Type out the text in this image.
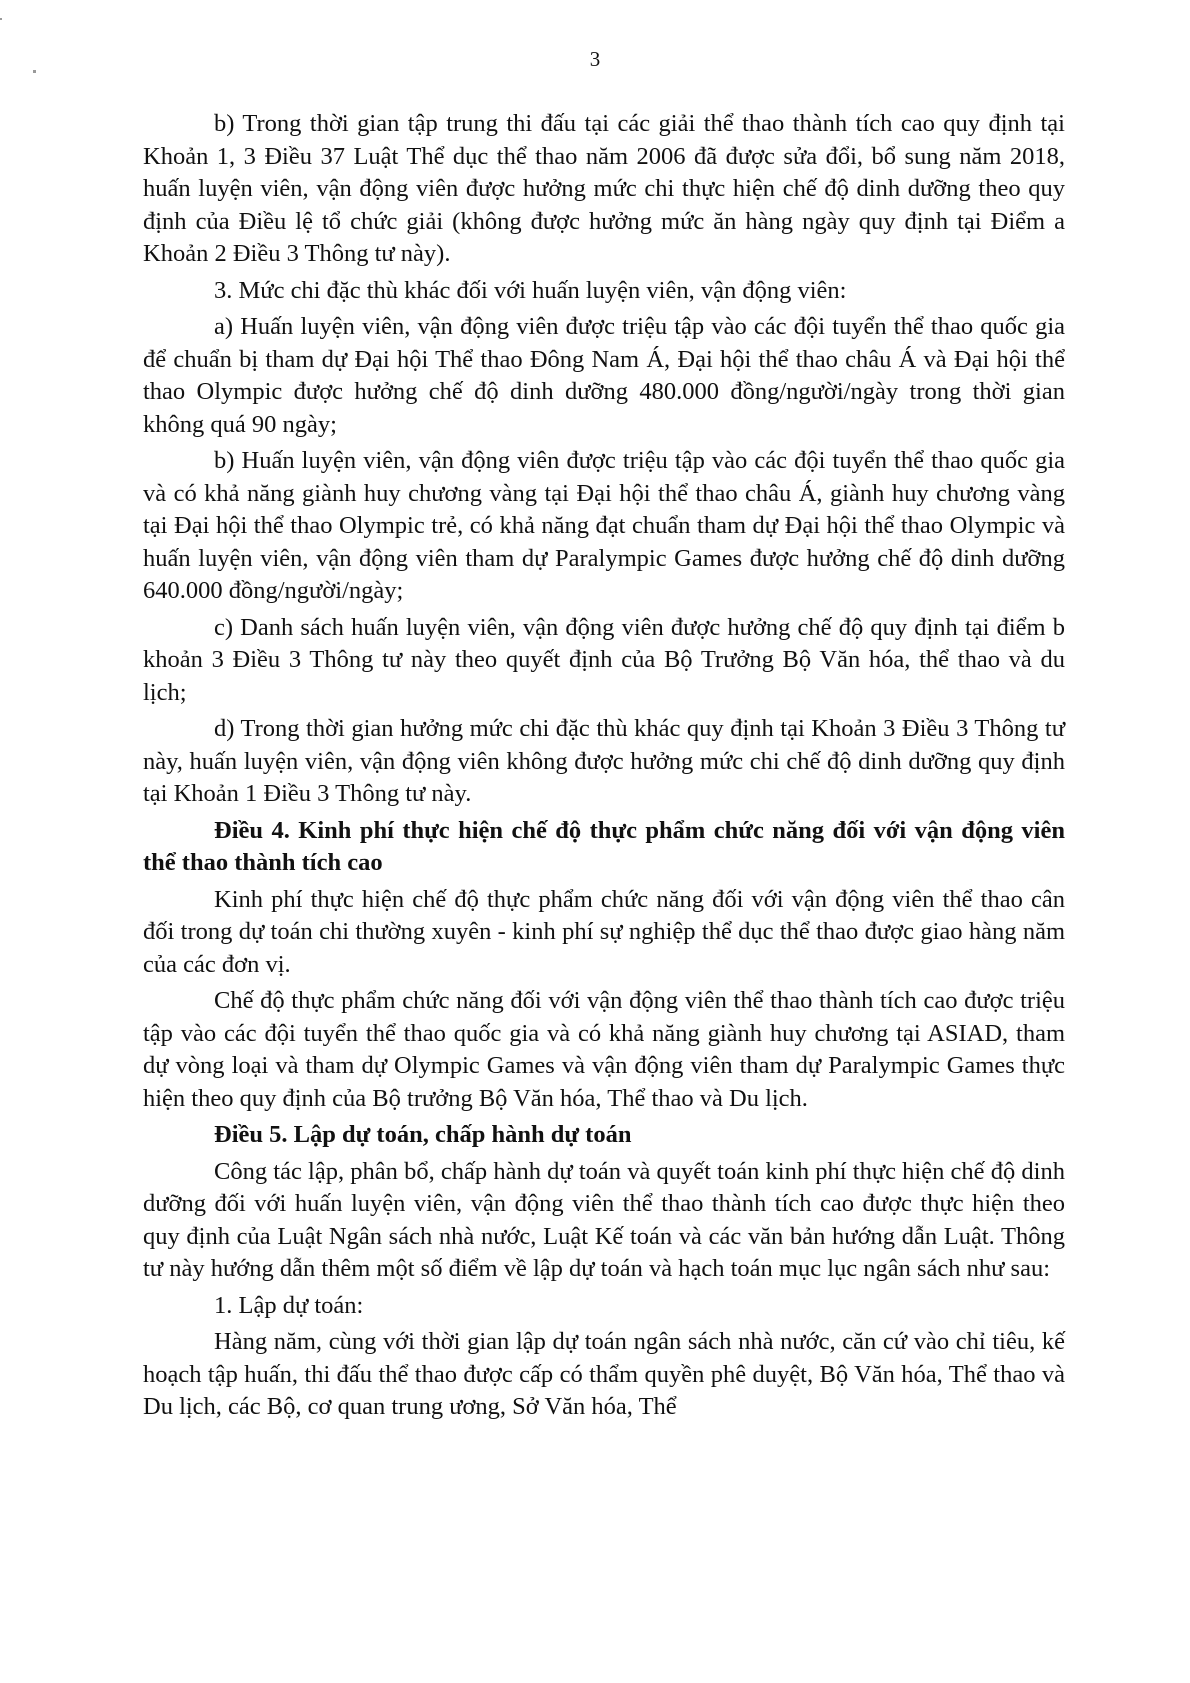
3

b) Trong thời gian tập trung thi đấu tại các giải thể thao thành tích cao quy định tại Khoản 1, 3 Điều 37 Luật Thể dục thể thao năm 2006 đã được sửa đổi, bổ sung năm 2018, huấn luyện viên, vận động viên được hưởng mức chi thực hiện chế độ dinh dưỡng theo quy định của Điều lệ tổ chức giải (không được hưởng mức ăn hàng ngày quy định tại Điểm a Khoản 2 Điều 3 Thông tư này).

3. Mức chi đặc thù khác đối với huấn luyện viên, vận động viên:

a) Huấn luyện viên, vận động viên được triệu tập vào các đội tuyển thể thao quốc gia để chuẩn bị tham dự Đại hội Thể thao Đông Nam Á, Đại hội thể thao châu Á và Đại hội thể thao Olympic được hưởng chế độ dinh dưỡng 480.000 đồng/người/ngày trong thời gian không quá 90 ngày;

b) Huấn luyện viên, vận động viên được triệu tập vào các đội tuyển thể thao quốc gia và có khả năng giành huy chương vàng tại Đại hội thể thao châu Á, giành huy chương vàng tại Đại hội thể thao Olympic trẻ, có khả năng đạt chuẩn tham dự Đại hội thể thao Olympic và huấn luyện viên, vận động viên tham dự Paralympic Games được hưởng chế độ dinh dưỡng 640.000 đồng/người/ngày;

c) Danh sách huấn luyện viên, vận động viên được hưởng chế độ quy định tại điểm b khoản 3 Điều 3 Thông tư này theo quyết định của Bộ Trưởng Bộ Văn hóa, thể thao và du lịch;

d) Trong thời gian hưởng mức chi đặc thù khác quy định tại Khoản 3 Điều 3 Thông tư này, huấn luyện viên, vận động viên không được hưởng mức chi chế độ dinh dưỡng quy định tại Khoản 1 Điều 3 Thông tư này.

Điều 4. Kinh phí thực hiện chế độ thực phẩm chức năng đối với vận động viên thể thao thành tích cao

Kinh phí thực hiện chế độ thực phẩm chức năng đối với vận động viên thể thao cân đối trong dự toán chi thường xuyên - kinh phí sự nghiệp thể dục thể thao được giao hàng năm của các đơn vị.

Chế độ thực phẩm chức năng đối với vận động viên thể thao thành tích cao được triệu tập vào các đội tuyển thể thao quốc gia và có khả năng giành huy chương tại ASIAD, tham dự vòng loại và tham dự Olympic Games và vận động viên tham dự Paralympic Games thực hiện theo quy định của Bộ trưởng Bộ Văn hóa, Thể thao và Du lịch.

Điều 5. Lập dự toán, chấp hành dự toán

Công tác lập, phân bổ, chấp hành dự toán và quyết toán kinh phí thực hiện chế độ dinh dưỡng đối với huấn luyện viên, vận động viên thể thao thành tích cao được thực hiện theo quy định của Luật Ngân sách nhà nước, Luật Kế toán và các văn bản hướng dẫn Luật. Thông tư này hướng dẫn thêm một số điểm về lập dự toán và hạch toán mục lục ngân sách như sau:

1. Lập dự toán:

Hàng năm, cùng với thời gian lập dự toán ngân sách nhà nước, căn cứ vào chỉ tiêu, kế hoạch tập huấn, thi đấu thể thao được cấp có thẩm quyền phê duyệt, Bộ Văn hóa, Thể thao và Du lịch, các Bộ, cơ quan trung ương, Sở Văn hóa, Thể
